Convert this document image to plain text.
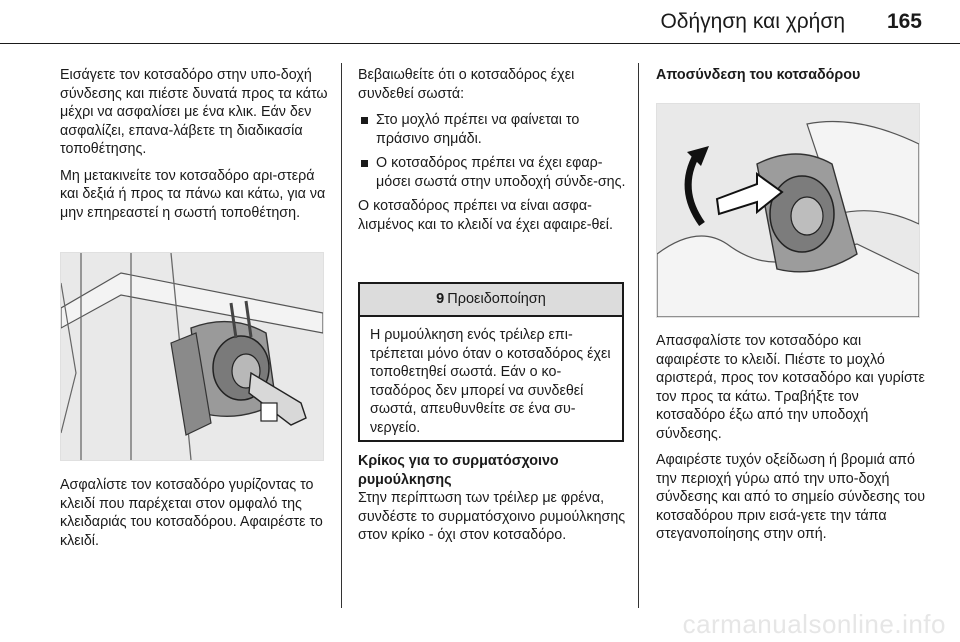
Οδήγηση και χρήση 165

Εισάγετε τον κοτσαδόρο στην υπο-δοχή σύνδεσης και πιέστε δυνατά προς τα κάτω μέχρι να ασφαλίσει με ένα κλικ. Εάν δεν ασφαλίζει, επανα-λάβετε τη διαδικασία τοποθέτησης.

Μη μετακινείτε τον κοτσαδόρο αρι-στερά και δεξιά ή προς τα πάνω και κάτω, για να μην επηρεαστεί η σωστή τοποθέτηση.

Ασφαλίστε τον κοτσαδόρο γυρίζοντας το κλειδί που παρέχεται στον ομφαλό της κλειδαριάς του κοτσαδόρου. Αφαιρέστε το κλειδί.

Βεβαιωθείτε ότι ο κοτσαδόρος έχει συνδεθεί σωστά:

Στο μοχλό πρέπει να φαίνεται το πράσινο σημάδι.
Ο κοτσαδόρος πρέπει να έχει εφαρ-μόσει σωστά στην υποδοχή σύνδε-σης.

Ο κοτσαδόρος πρέπει να είναι ασφα-λισμένος και το κλειδί να έχει αφαιρε-θεί.

Κρίκος για το συρματόσχοινο ρυμούλκησης

Στην περίπτωση των τρέιλερ με φρένα, συνδέστε το συρματόσχοινο ρυμούλκησης στον κρίκο - όχι στον κοτσαδόρο.

9 Προειδοποίηση
Η ρυμούλκηση ενός τρέιλερ επι-τρέπεται μόνο όταν ο κοτσαδόρος έχει τοποθετηθεί σωστά. Εάν ο κο-τσαδόρος δεν μπορεί να συνδεθεί σωστά, απευθυνθείτε σε ένα συ-νεργείο.

Αποσύνδεση του κοτσαδόρου

Απασφαλίστε τον κοτσαδόρο και αφαιρέστε το κλειδί. Πιέστε το μοχλό αριστερά, προς τον κοτσαδόρο και γυρίστε τον προς τα κάτω. Τραβήξτε τον κοτσαδόρο έξω από την υποδοχή σύνδεσης.

Αφαιρέστε τυχόν οξείδωση ή βρομιά από την περιοχή γύρω από την υπο-δοχή σύνδεσης και από το σημείο σύνδεσης του κοτσαδόρου πριν εισά-γετε την τάπα στεγανοποίησης στην οπή.

carmanualsonline.info
